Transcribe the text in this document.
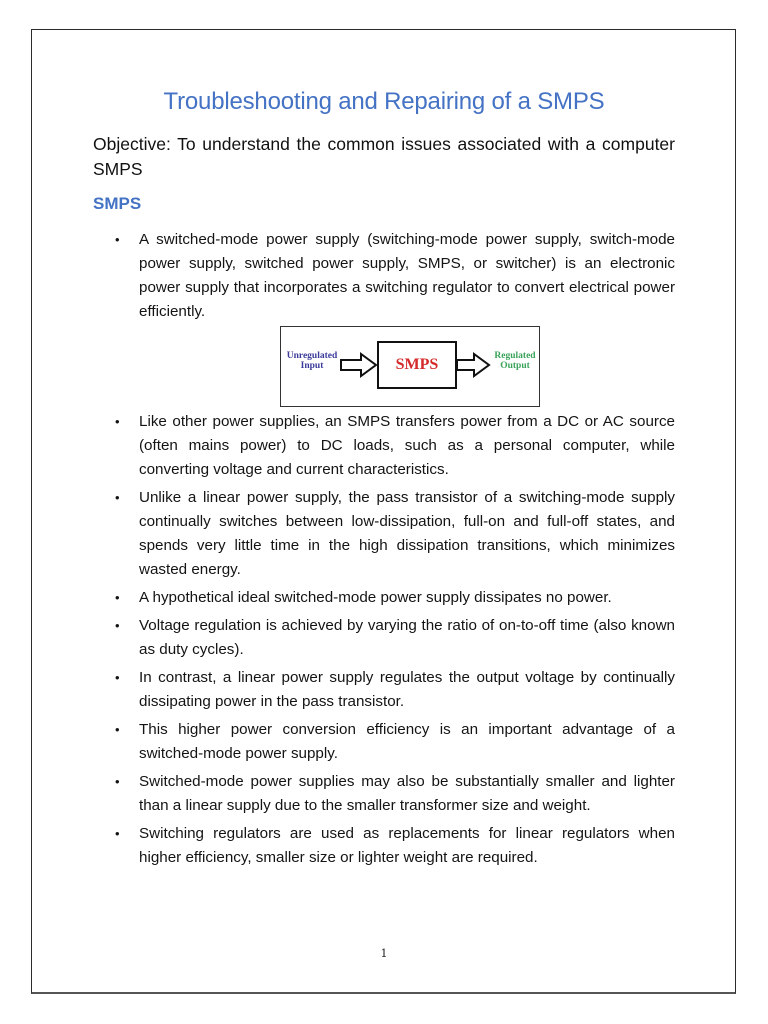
Troubleshooting and Repairing of a SMPS
Objective: To understand the common issues associated with a computer SMPS
SMPS
• A switched-mode power supply (switching-mode power supply, switch-mode power supply, switched power supply, SMPS, or switcher) is an electronic power supply that incorporates a switching regulator to convert electrical power efficiently.
Unregulated
Input	SMPS	Regulated
Output
• Like other power supplies, an SMPS transfers power from a DC or AC source (often mains power) to DC loads, such as a personal computer, while converting voltage and current characteristics.
• Unlike a linear power supply, the pass transistor of a switching-mode supply continually switches between low-dissipation, full-on and full-off states, and spends very little time in the high dissipation transitions, which minimizes wasted energy.
• A hypothetical ideal switched-mode power supply dissipates no power.
• Voltage regulation is achieved by varying the ratio of on-to-off time (also known as duty cycles).
• In contrast, a linear power supply regulates the output voltage by continually dissipating power in the pass transistor.
• This higher power conversion efficiency is an important advantage of a switched-mode power supply.
• Switched-mode power supplies may also be substantially smaller and lighter than a linear supply due to the smaller transformer size and weight.
• Switching regulators are used as replacements for linear regulators when higher efficiency, smaller size or lighter weight are required.
1
